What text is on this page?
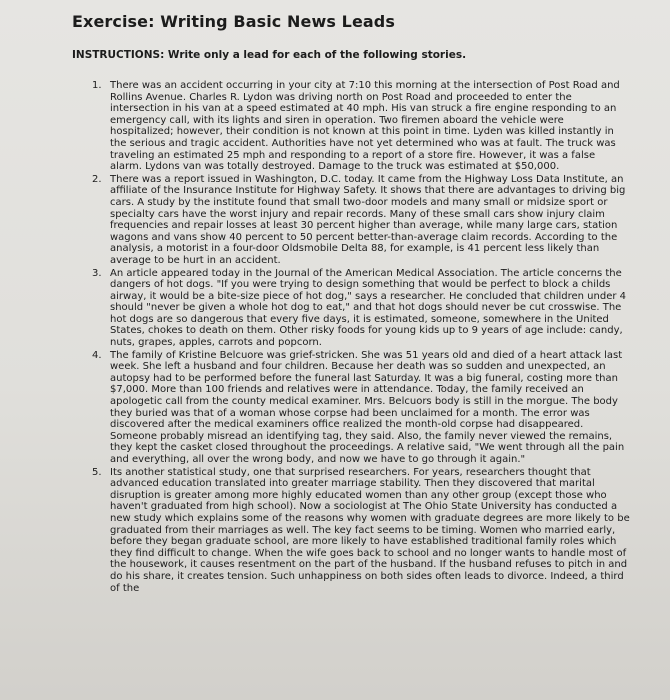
Exercise: Writing Basic News Leads

INSTRUCTIONS: Write only a lead for each of the following stories.

1. There was an accident occurring in your city at 7:10 this morning at the intersection of Post Road and Rollins Avenue. Charles R. Lydon was driving north on Post Road and proceeded to enter the intersection in his van at a speed estimated at 40 mph. His van struck a fire engine responding to an emergency call, with its lights and siren in operation. Two firemen aboard the vehicle were hospitalized; however, their condition is not known at this point in time. Lyden was killed instantly in the serious and tragic accident. Authorities have not yet determined who was at fault. The truck was traveling an estimated 25 mph and responding to a report of a store fire. However, it was a false alarm. Lydons van was totally destroyed. Damage to the truck was estimated at $50,000.
2. There was a report issued in Washington, D.C. today. It came from the Highway Loss Data Institute, an affiliate of the Insurance Institute for Highway Safety. It shows that there are advantages to driving big cars. A study by the institute found that small two-door models and many small or midsize sport or specialty cars have the worst injury and repair records. Many of these small cars show injury claim frequencies and repair losses at least 30 percent higher than average, while many large cars, station wagons and vans show 40 percent to 50 percent better-than-average claim records. According to the analysis, a motorist in a four-door Oldsmobile Delta 88, for example, is 41 percent less likely than average to be hurt in an accident.
3. An article appeared today in the Journal of the American Medical Association. The article concerns the dangers of hot dogs. "If you were trying to design something that would be perfect to block a childs airway, it would be a bite-size piece of hot dog," says a researcher. He concluded that children under 4 should "never be given a whole hot dog to eat," and that hot dogs should never be cut crosswise. The hot dogs are so dangerous that every five days, it is estimated, someone, somewhere in the United States, chokes to death on them. Other risky foods for young kids up to 9 years of age include: candy, nuts, grapes, apples, carrots and popcorn.
4. The family of Kristine Belcuore was grief-stricken. She was 51 years old and died of a heart attack last week. She left a husband and four children. Because her death was so sudden and unexpected, an autopsy had to be performed before the funeral last Saturday. It was a big funeral, costing more than $7,000. More than 100 friends and relatives were in attendance. Today, the family received an apologetic call from the county medical examiner. Mrs. Belcuors body is still in the morgue. The body they buried was that of a woman whose corpse had been unclaimed for a month. The error was discovered after the medical examiners office realized the month-old corpse had disappeared. Someone probably misread an identifying tag, they said. Also, the family never viewed the remains, they kept the casket closed throughout the proceedings. A relative said, "We went through all the pain and everything, all over the wrong body, and now we have to go through it again."
5. Its another statistical study, one that surprised researchers. For years, researchers thought that advanced education translated into greater marriage stability. Then they discovered that marital disruption is greater among more highly educated women than any other group (except those who haven't graduated from high school). Now a sociologist at The Ohio State University has conducted a new study which explains some of the reasons why women with graduate degrees are more likely to be graduated from their marriages as well. The key fact seems to be timing. Women who married early, before they began graduate school, are more likely to have established traditional family roles which they find difficult to change. When the wife goes back to school and no longer wants to handle most of the housework, it causes resentment on the part of the husband. If the husband refuses to pitch in and do his share, it creates tension. Such unhappiness on both sides often leads to divorce. Indeed, a third of the
